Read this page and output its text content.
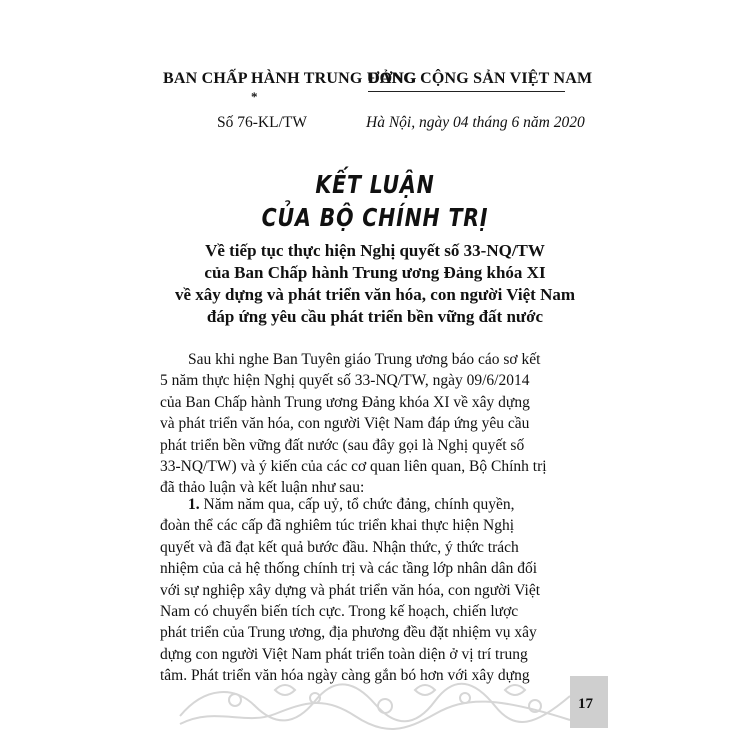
BAN CHẤP HÀNH TRUNG ƯƠNG
ĐẢNG CỘNG SẢN VIỆT NAM
*
Số 76-KL/TW	Hà Nội, ngày 04 tháng 6 năm 2020
KẾT LUẬN
CỦA BỘ CHÍNH TRỊ
Về tiếp tục thực hiện Nghị quyết số 33-NQ/TW
của Ban Chấp hành Trung ương Đảng khóa XI
về xây dựng và phát triển văn hóa, con người Việt Nam
đáp ứng yêu cầu phát triển bền vững đất nước
Sau khi nghe Ban Tuyên giáo Trung ương báo cáo sơ kết
5 năm thực hiện Nghị quyết số 33-NQ/TW, ngày 09/6/2014
của Ban Chấp hành Trung ương Đảng khóa XI về xây dựng
và phát triển văn hóa, con người Việt Nam đáp ứng yêu cầu
phát triển bền vững đất nước (sau đây gọi là Nghị quyết số
33-NQ/TW) và ý kiến của các cơ quan liên quan, Bộ Chính trị
đã thảo luận và kết luận như sau:
1. Năm năm qua, cấp uỷ, tổ chức đảng, chính quyền,
đoàn thể các cấp đã nghiêm túc triển khai thực hiện Nghị
quyết và đã đạt kết quả bước đầu. Nhận thức, ý thức trách
nhiệm của cả hệ thống chính trị và các tầng lớp nhân dân đối
với sự nghiệp xây dựng và phát triển văn hóa, con người Việt
Nam có chuyển biến tích cực. Trong kế hoạch, chiến lược
phát triển của Trung ương, địa phương đều đặt nhiệm vụ xây
dựng con người Việt Nam phát triển toàn diện ở vị trí trung
tâm. Phát triển văn hóa ngày càng gắn bó hơn với xây dựng
17
